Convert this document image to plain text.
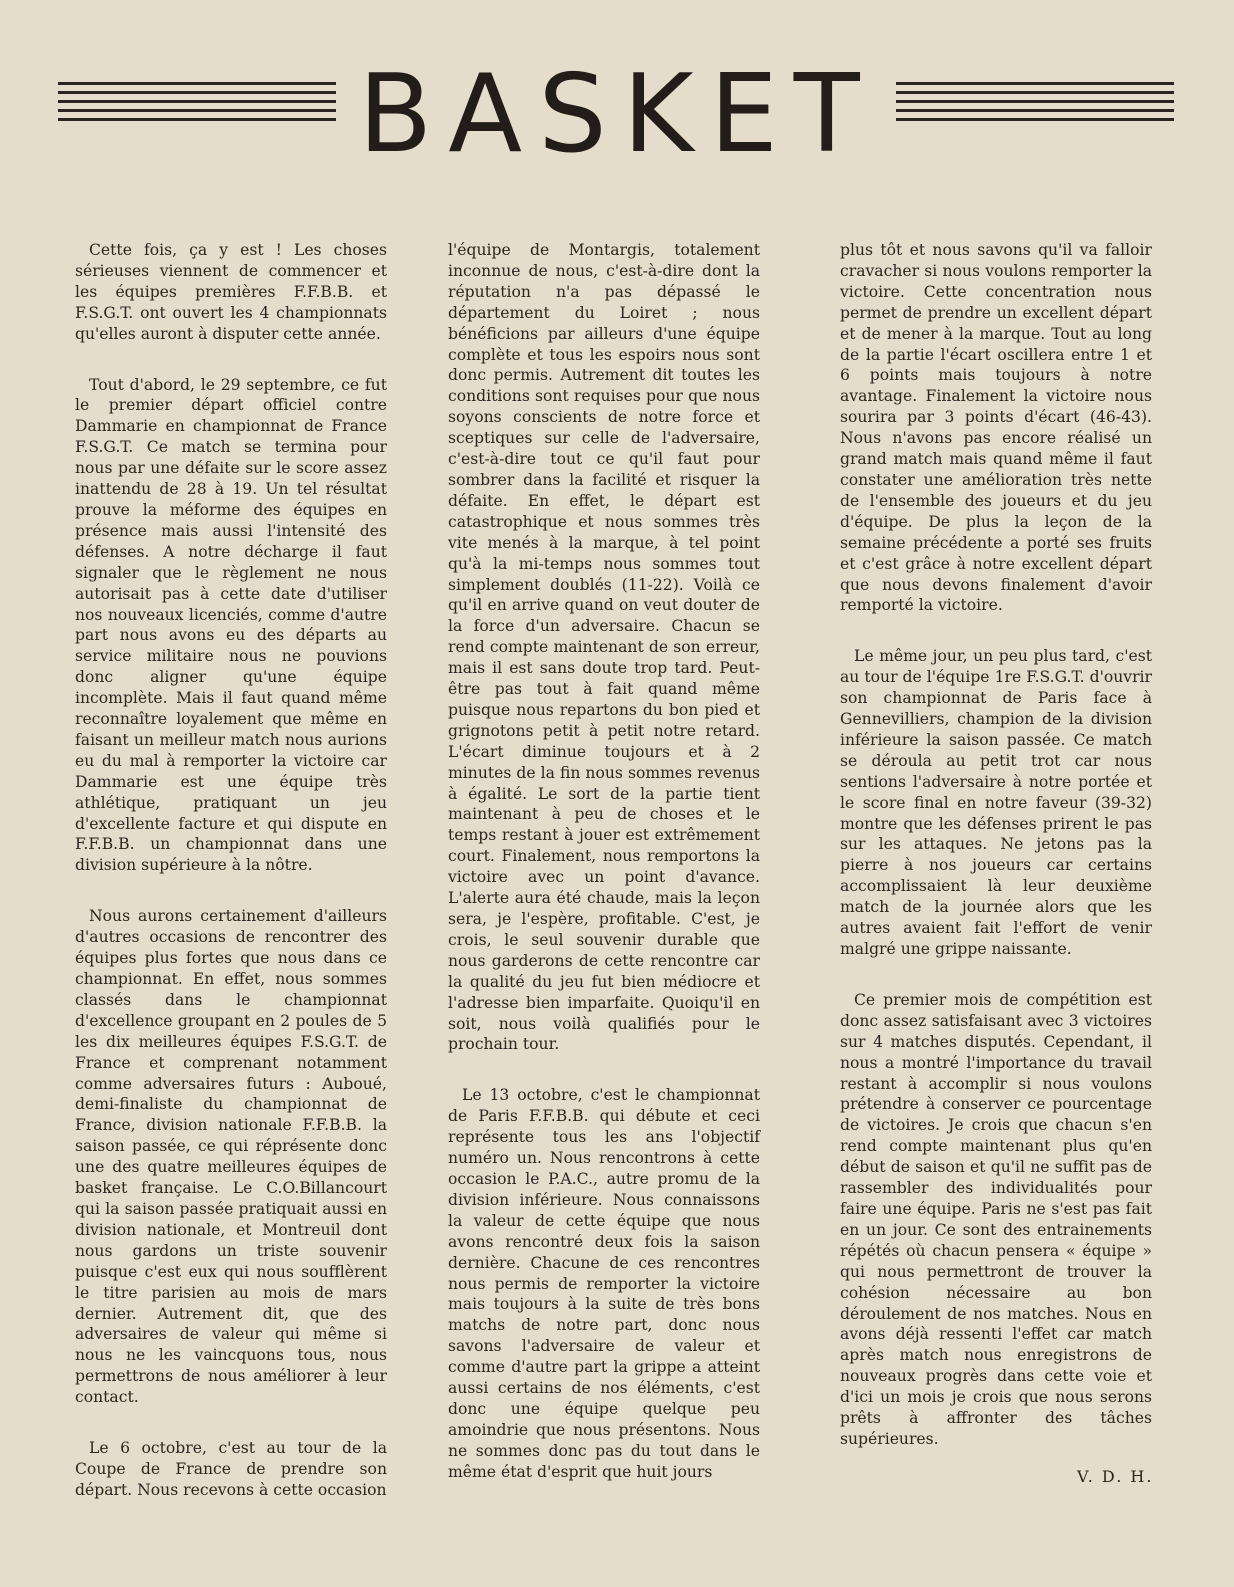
BASKET

Cette fois, ça y est ! Les choses sérieuses viennent de commencer et les équipes premières F.F.B.B. et F.S.G.T. ont ouvert les 4 championnats qu'elles auront à disputer cette année.

Tout d'abord, le 29 septembre, ce fut le premier départ officiel contre Dammarie en championnat de France F.S.G.T. Ce match se termina pour nous par une défaite sur le score assez inattendu de 28 à 19. Un tel résultat prouve la méforme des équipes en présence mais aussi l'intensité des défenses. A notre décharge il faut signaler que le règlement ne nous autorisait pas à cette date d'utiliser nos nouveaux licenciés, comme d'autre part nous avons eu des départs au service militaire nous ne pouvions donc aligner qu'une équipe incomplète. Mais il faut quand même reconnaître loyalement que même en faisant un meilleur match nous aurions eu du mal à remporter la victoire car Dammarie est une équipe très athlétique, pratiquant un jeu d'excellente facture et qui dispute en F.F.B.B. un championnat dans une division supérieure à la nôtre.

Nous aurons certainement d'ailleurs d'autres occasions de rencontrer des équipes plus fortes que nous dans ce championnat. En effet, nous sommes classés dans le championnat d'excellence groupant en 2 poules de 5 les dix meilleures équipes F.S.G.T. de France et comprenant notamment comme adversaires futurs : Auboué, demi-finaliste du championnat de France, division nationale F.F.B.B. la saison passée, ce qui réprésente donc une des quatre meilleures équipes de basket française. Le C.O.Billancourt qui la saison passée pratiquait aussi en division nationale, et Montreuil dont nous gardons un triste souvenir puisque c'est eux qui nous soufflèrent le titre parisien au mois de mars dernier. Autrement dit, que des adversaires de valeur qui même si nous ne les vaincquons tous, nous permettrons de nous améliorer à leur contact.

Le 6 octobre, c'est au tour de la Coupe de France de prendre son départ. Nous recevons à cette occasion

l'équipe de Montargis, totalement inconnue de nous, c'est-à-dire dont la réputation n'a pas dépassé le département du Loiret ; nous bénéficions par ailleurs d'une équipe complète et tous les espoirs nous sont donc permis. Autrement dit toutes les conditions sont requises pour que nous soyons conscients de notre force et sceptiques sur celle de l'adversaire, c'est-à-dire tout ce qu'il faut pour sombrer dans la facilité et risquer la défaite. En effet, le départ est catastrophique et nous sommes très vite menés à la marque, à tel point qu'à la mi-temps nous sommes tout simplement doublés (11-22). Voilà ce qu'il en arrive quand on veut douter de la force d'un adversaire. Chacun se rend compte maintenant de son erreur, mais il est sans doute trop tard. Peut-être pas tout à fait quand même puisque nous repartons du bon pied et grignotons petit à petit notre retard. L'écart diminue toujours et à 2 minutes de la fin nous sommes revenus à égalité. Le sort de la partie tient maintenant à peu de choses et le temps restant à jouer est extrêmement court. Finalement, nous remportons la victoire avec un point d'avance. L'alerte aura été chaude, mais la leçon sera, je l'espère, profitable. C'est, je crois, le seul souvenir durable que nous garderons de cette rencontre car la qualité du jeu fut bien médiocre et l'adresse bien imparfaite. Quoiqu'il en soit, nous voilà qualifiés pour le prochain tour.

Le 13 octobre, c'est le championnat de Paris F.F.B.B. qui débute et ceci représente tous les ans l'objectif numéro un. Nous rencontrons à cette occasion le P.A.C., autre promu de la division inférieure. Nous connaissons la valeur de cette équipe que nous avons rencontré deux fois la saison dernière. Chacune de ces rencontres nous permis de remporter la victoire mais toujours à la suite de très bons matchs de notre part, donc nous savons l'adversaire de valeur et comme d'autre part la grippe a atteint aussi certains de nos éléments, c'est donc une équipe quelque peu amoindrie que nous présentons. Nous ne sommes donc pas du tout dans le même état d'esprit que huit jours

plus tôt et nous savons qu'il va falloir cravacher si nous voulons remporter la victoire. Cette concentration nous permet de prendre un excellent départ et de mener à la marque. Tout au long de la partie l'écart oscillera entre 1 et 6 points mais toujours à notre avantage. Finalement la victoire nous sourira par 3 points d'écart (46-43). Nous n'avons pas encore réalisé un grand match mais quand même il faut constater une amélioration très nette de l'ensemble des joueurs et du jeu d'équipe. De plus la leçon de la semaine précédente a porté ses fruits et c'est grâce à notre excellent départ que nous devons finalement d'avoir remporté la victoire.

Le même jour, un peu plus tard, c'est au tour de l'équipe 1re F.S.G.T. d'ouvrir son championnat de Paris face à Gennevilliers, champion de la division inférieure la saison passée. Ce match se déroula au petit trot car nous sentions l'adversaire à notre portée et le score final en notre faveur (39-32) montre que les défenses prirent le pas sur les attaques. Ne jetons pas la pierre à nos joueurs car certains accomplissaient là leur deuxième match de la journée alors que les autres avaient fait l'effort de venir malgré une grippe naissante.

Ce premier mois de compétition est donc assez satisfaisant avec 3 victoires sur 4 matches disputés. Cependant, il nous a montré l'importance du travail restant à accomplir si nous voulons prétendre à conserver ce pourcentage de victoires. Je crois que chacun s'en rend compte maintenant plus qu'en début de saison et qu'il ne suffit pas de rassembler des individualités pour faire une équipe. Paris ne s'est pas fait en un jour. Ce sont des entrainements répétés où chacun pensera « équipe » qui nous permettront de trouver la cohésion nécessaire au bon déroulement de nos matches. Nous en avons déjà ressenti l'effet car match après match nous enregistrons de nouveaux progrès dans cette voie et d'ici un mois je crois que nous serons prêts à affronter des tâches supérieures.

V. D. H.
